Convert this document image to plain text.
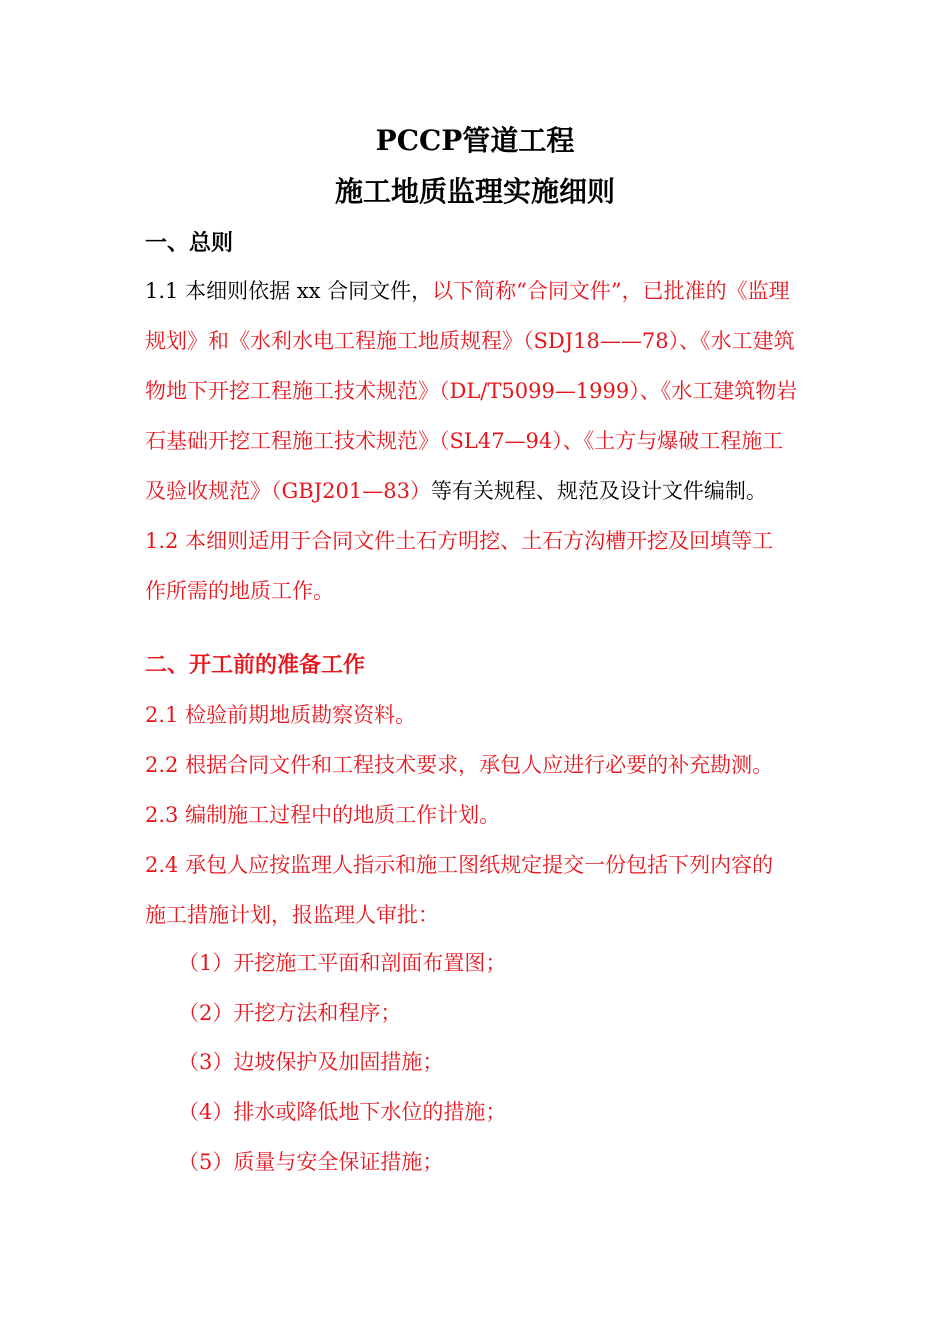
PCCP管道工程
施工地质监理实施细则
一、总则
1.1 本细则依据 xx 合同文件，以下简称“合同文件”，已批准的《监理
规划》和《水利水电工程施工地质规程》（SDJ18——78）、《水工建筑
物地下开挖工程施工技术规范》（DL/T5099—1999）、《水工建筑物岩
石基础开挖工程施工技术规范》（SL47—94）、《土方与爆破工程施工
及验收规范》（GBJ201—83）等有关规程、规范及设计文件编制。
1.2 本细则适用于合同文件土石方明挖、土石方沟槽开挖及回填等工
作所需的地质工作。
二、开工前的准备工作
2.1 检验前期地质勘察资料。
2.2 根据合同文件和工程技术要求，承包人应进行必要的补充勘测。
2.3 编制施工过程中的地质工作计划。
2.4 承包人应按监理人指示和施工图纸规定提交一份包括下列内容的
施工措施计划，报监理人审批：
（1）开挖施工平面和剖面布置图；
（2）开挖方法和程序；
（3）边坡保护及加固措施；
（4）排水或降低地下水位的措施；
（5）质量与安全保证措施；
